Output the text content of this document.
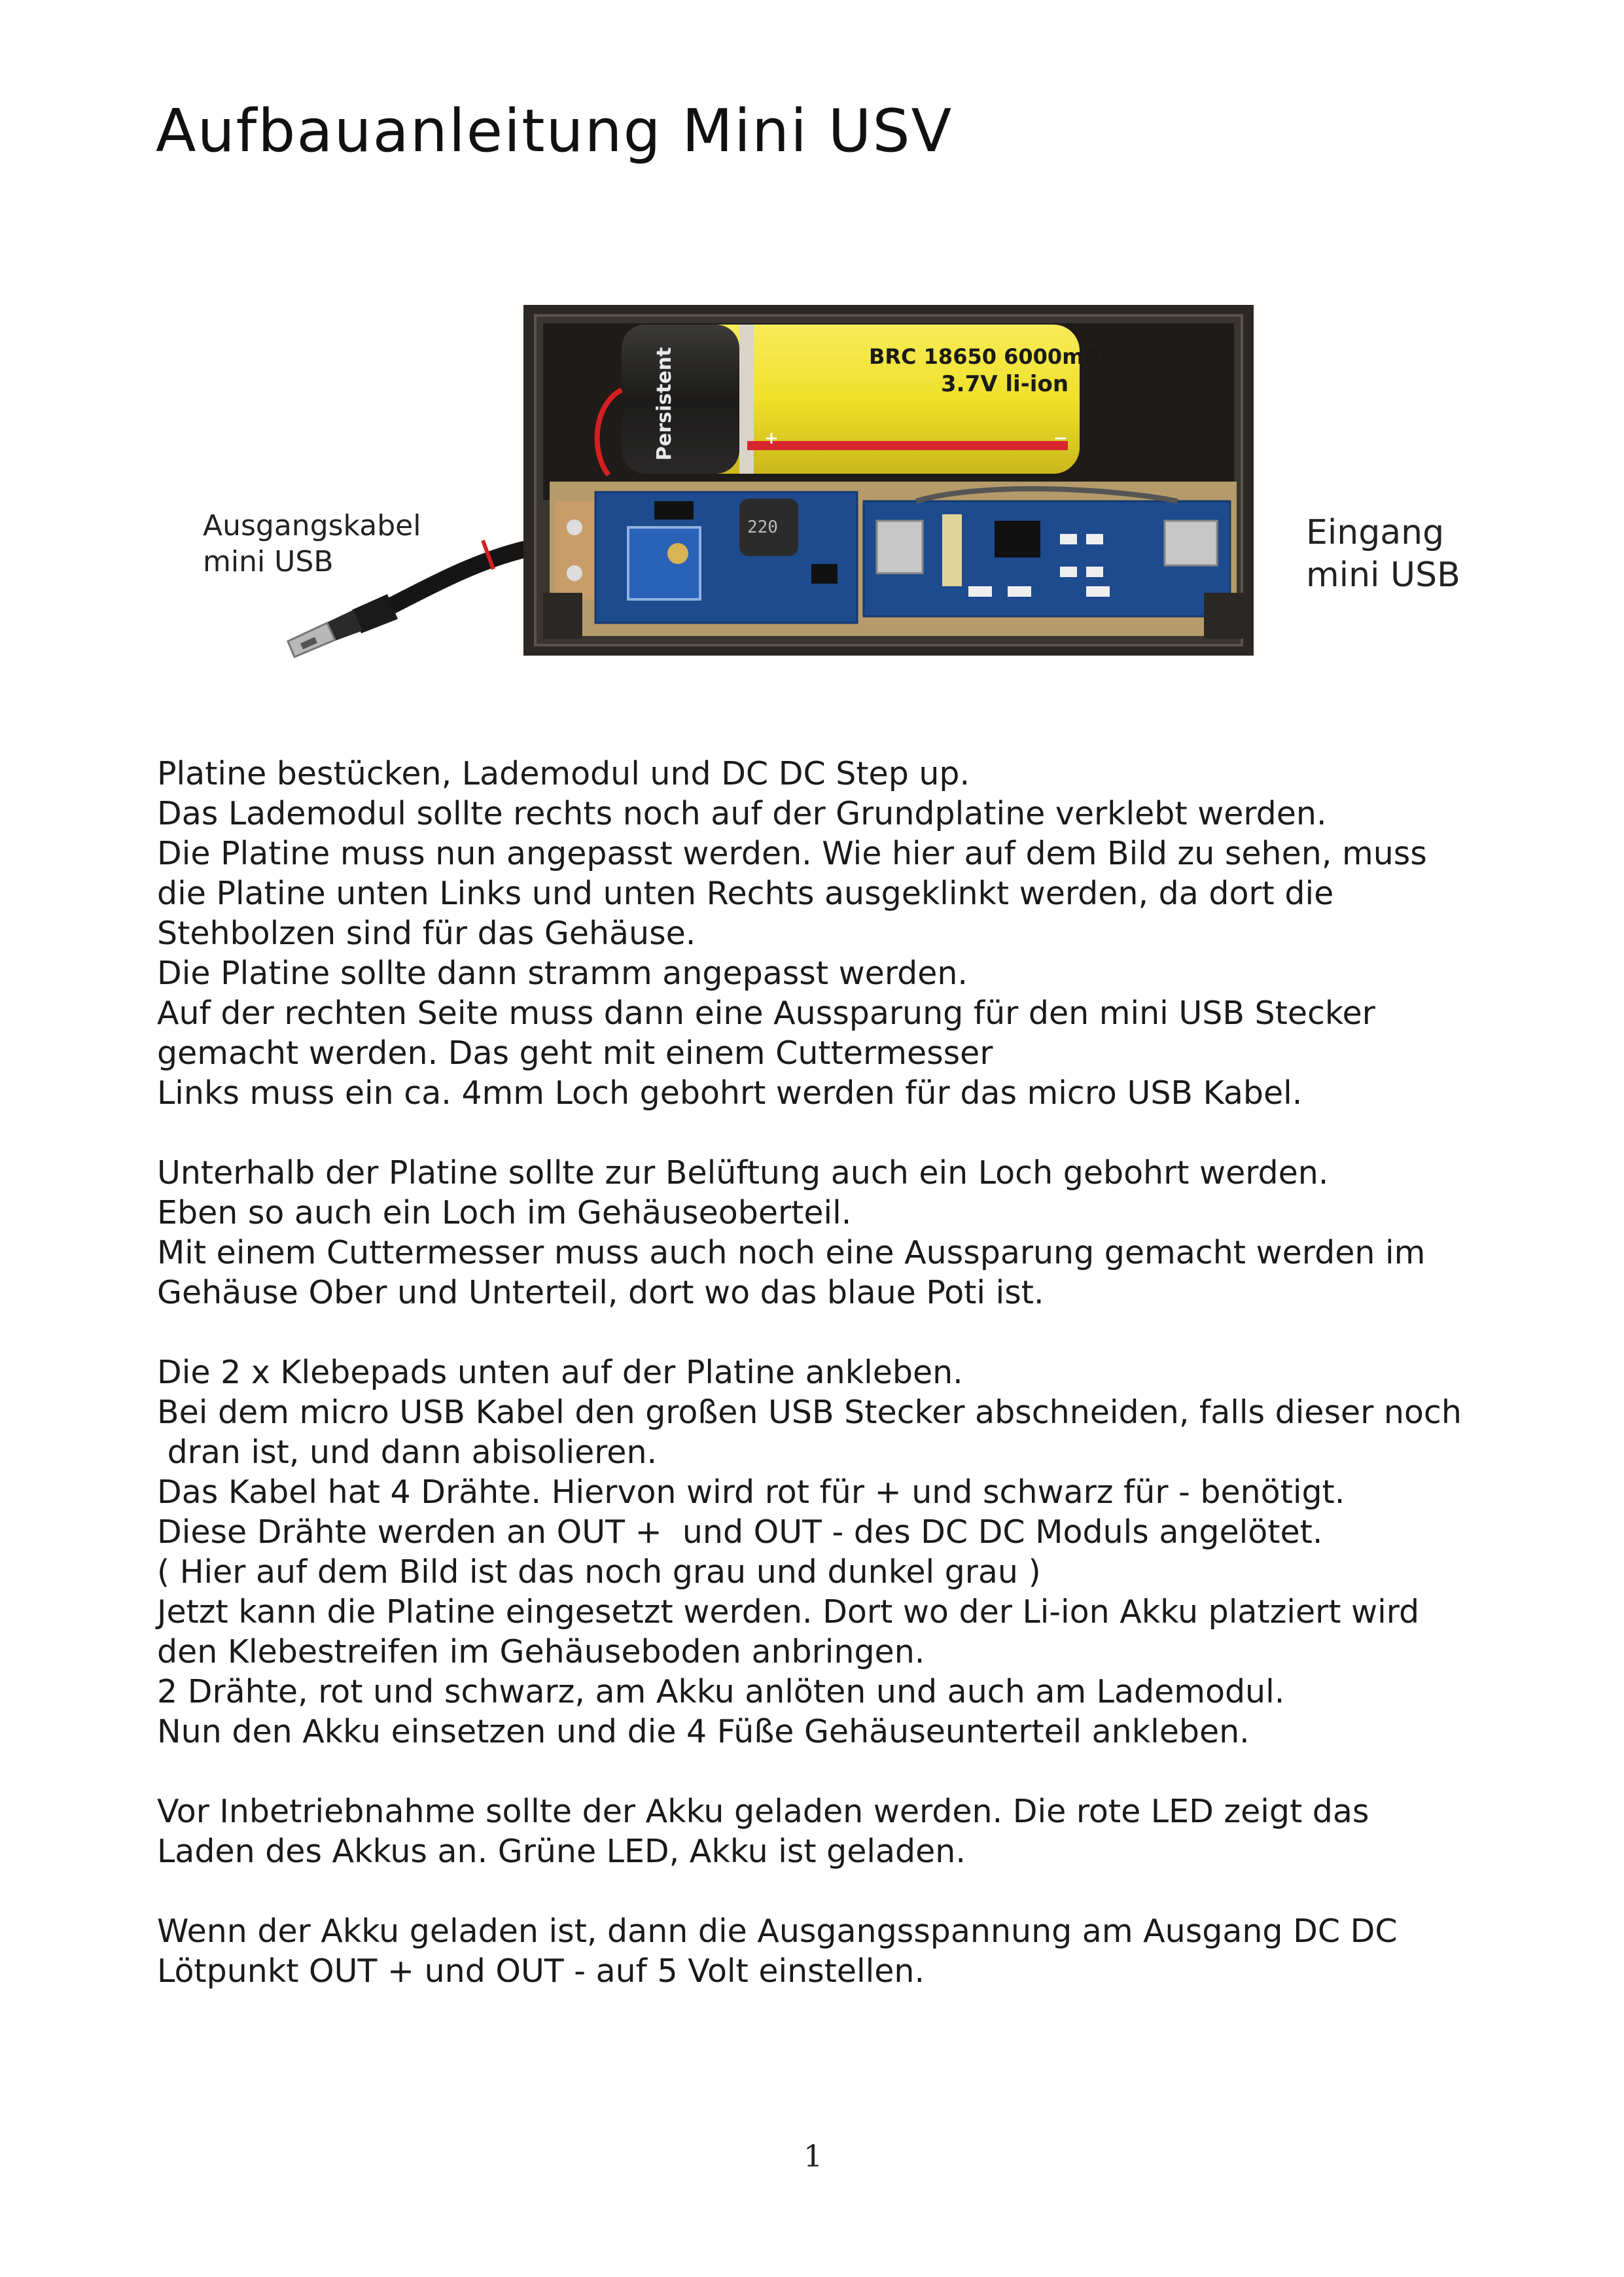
Aufbauanleitung Mini USV
Ausgangskabel
mini USB
Eingang
mini USB
+	−
BRC 18650 6000mAh
3.7V li-ion
Persistent
220

Platine bestücken, Lademodul und DC DC Step up.

Das Lademodul sollte rechts noch auf der Grundplatine verklebt werden.

Die Platine muss nun angepasst werden. Wie hier auf dem Bild zu sehen, muss

die Platine unten Links und unten Rechts ausgeklinkt werden, da dort die

Stehbolzen sind für das Gehäuse.

Die Platine sollte dann stramm angepasst werden.

Auf der rechten Seite muss dann eine Aussparung für den mini USB Stecker

gemacht werden. Das geht mit einem Cuttermesser

Links muss ein ca. 4mm Loch gebohrt werden für das micro USB Kabel.

Unterhalb der Platine sollte zur Belüftung auch ein Loch gebohrt werden.

Eben so auch ein Loch im Gehäuseoberteil.

Mit einem Cuttermesser muss auch noch eine Aussparung gemacht werden im

Gehäuse Ober und Unterteil, dort wo das blaue Poti ist.

Die 2 x Klebepads unten auf der Platine ankleben.

Bei dem micro USB Kabel den großen USB Stecker abschneiden, falls dieser noch

dran ist, und dann abisolieren.

Das Kabel hat 4 Drähte. Hiervon wird rot für + und schwarz für - benötigt.

Diese Drähte werden an OUT +  und OUT - des DC DC Moduls angelötet.

( Hier auf dem Bild ist das noch grau und dunkel grau )

Jetzt kann die Platine eingesetzt werden. Dort wo der Li-ion Akku platziert wird

den Klebestreifen im Gehäuseboden anbringen.

2 Drähte, rot und schwarz, am Akku anlöten und auch am Lademodul.

Nun den Akku einsetzen und die 4 Füße Gehäuseunterteil ankleben.

Vor Inbetriebnahme sollte der Akku geladen werden. Die rote LED zeigt das

Laden des Akkus an. Grüne LED, Akku ist geladen.

Wenn der Akku geladen ist, dann die Ausgangsspannung am Ausgang DC DC

Lötpunkt OUT + und OUT - auf 5 Volt einstellen.

1
